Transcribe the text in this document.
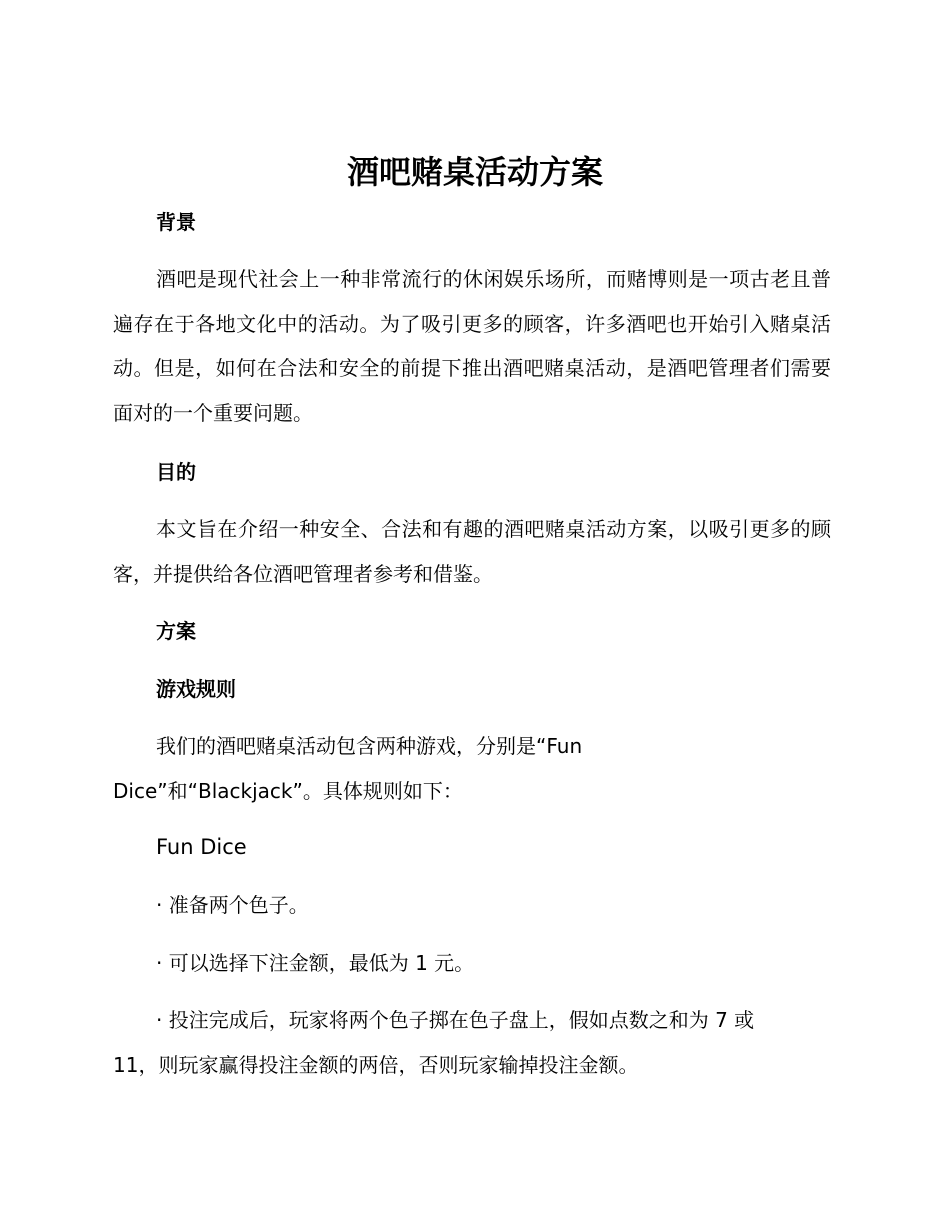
酒吧赌桌活动方案
背景

酒吧是现代社会上一种非常流行的休闲娱乐场所，而赌博则是一项古老且普遍存在于各地文化中的活动。为了吸引更多的顾客，许多酒吧也开始引入赌桌活动。但是，如何在合法和安全的前提下推出酒吧赌桌活动，是酒吧管理者们需要面对的一个重要问题。

目的

本文旨在介绍一种安全、合法和有趣的酒吧赌桌活动方案，以吸引更多的顾客，并提供给各位酒吧管理者参考和借鉴。

方案
游戏规则
我们的酒吧赌桌活动包含两种游戏，分别是“Fun
Dice”和“Blackjack”。具体规则如下：
Fun Dice

· 准备两个色子。

· 可以选择下注金额，最低为 1 元。

· 投注完成后，玩家将两个色子掷在色子盘上，假如点数之和为 7 或 11，则玩家赢得投注金额的两倍，否则玩家输掉投注金额。
